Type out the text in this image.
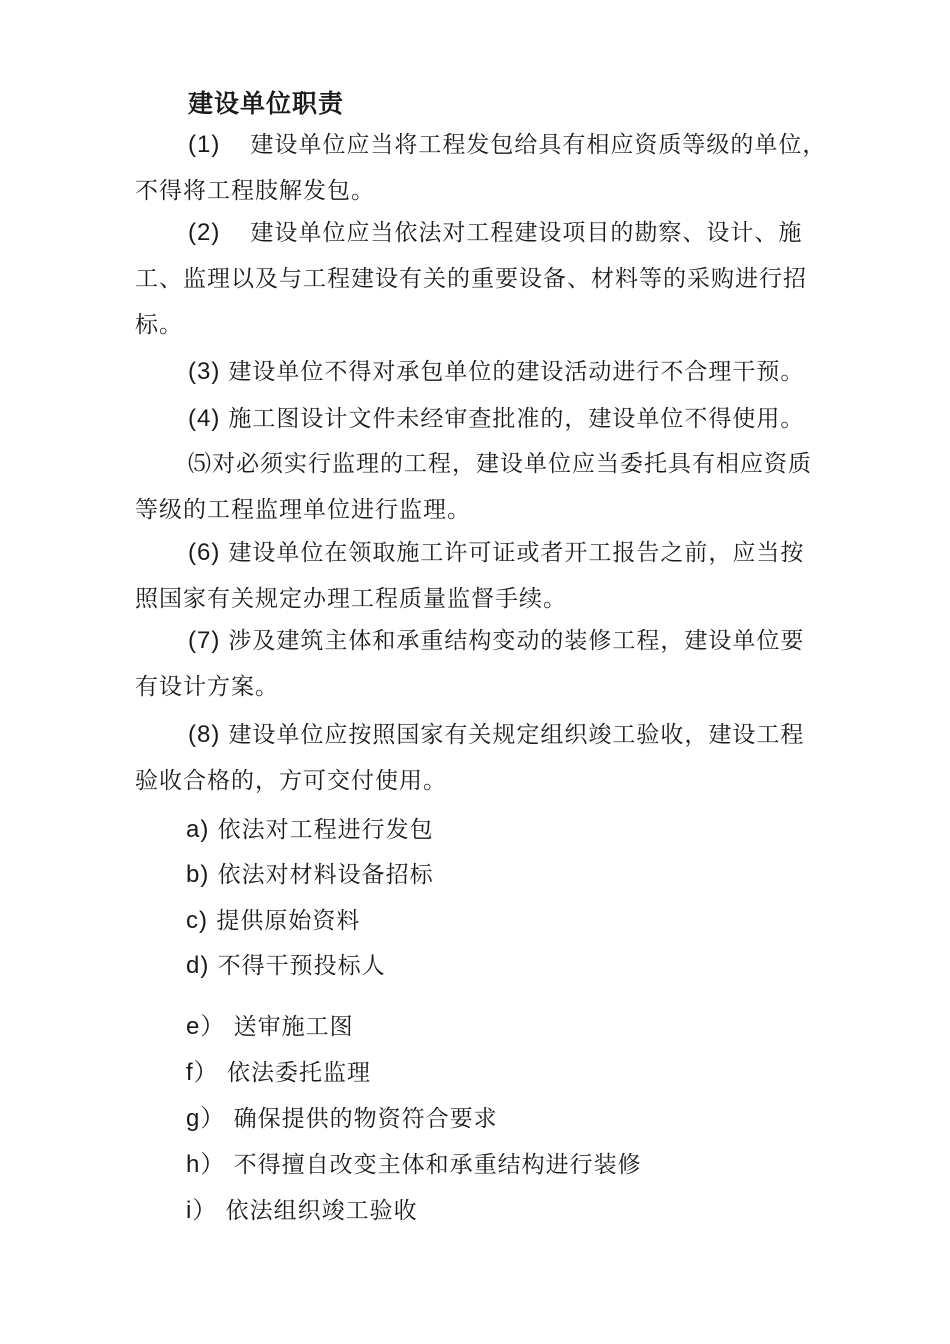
建设单位职责
(1) 建设单位应当将工程发包给具有相应资质等级的单位，
不得将工程肢解发包。
(2) 建设单位应当依法对工程建设项目的勘察、设计、施
工、监理以及与工程建设有关的重要设备、材料等的采购进行招
标。
(3) 建设单位不得对承包单位的建设活动进行不合理干预。
(4) 施工图设计文件未经审查批准的，建设单位不得使用。
⑸对必须实行监理的工程，建设单位应当委托具有相应资质
等级的工程监理单位进行监理。
(6) 建设单位在领取施工许可证或者开工报告之前，应当按
照国家有关规定办理工程质量监督手续。
(7) 涉及建筑主体和承重结构变动的装修工程，建设单位要
有设计方案。
(8) 建设单位应按照国家有关规定组织竣工验收，建设工程
验收合格的，方可交付使用。
a) 依法对工程进行发包
b) 依法对材料设备招标
c) 提供原始资料
d) 不得干预投标人
e） 送审施工图
f） 依法委托监理
g） 确保提供的物资符合要求
h） 不得擅自改变主体和承重结构进行装修
i） 依法组织竣工验收
